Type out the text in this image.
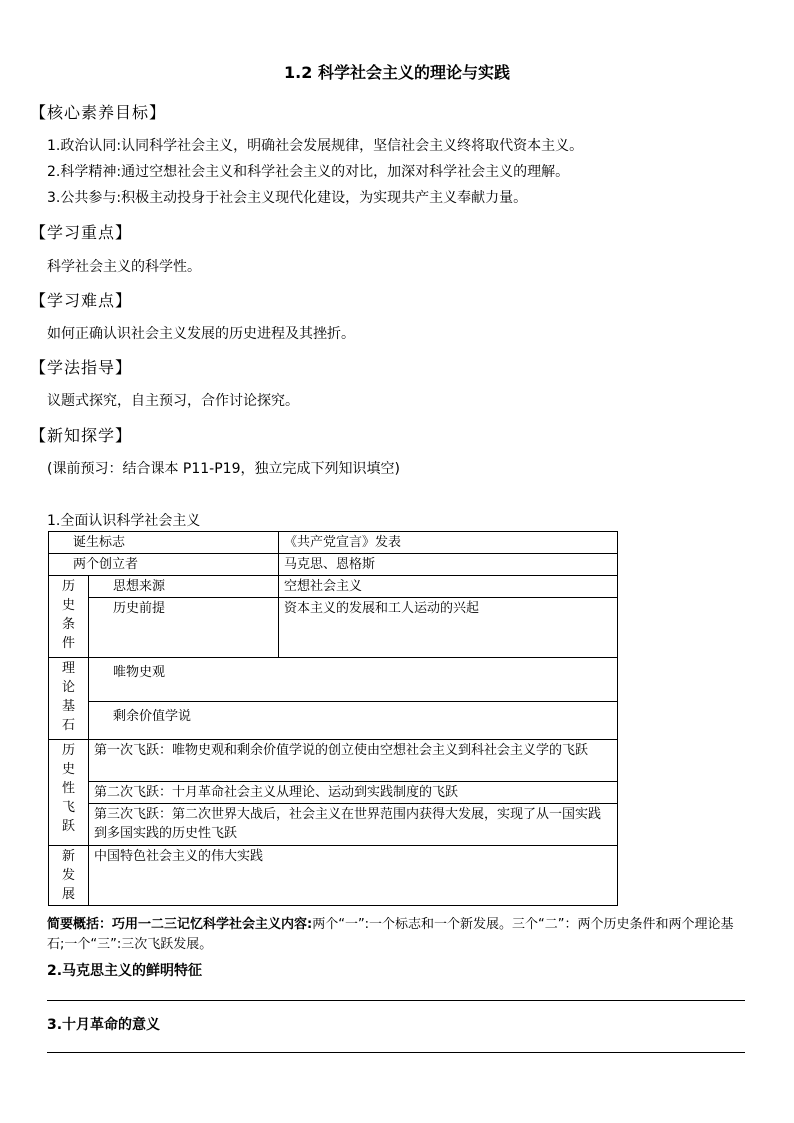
1.2 科学社会主义的理论与实践
【核心素养目标】
1.政治认同:认同科学社会主义，明确社会发展规律，坚信社会主义终将取代资本主义。
2.科学精神:通过空想社会主义和科学社会主义的对比，加深对科学社会主义的理解。
3.公共参与:积极主动投身于社会主义现代化建设，为实现共产主义奉献力量。
【学习重点】
科学社会主义的科学性。
【学习难点】
如何正确认识社会主义发展的历史进程及其挫折。
【学法指导】
议题式探究，自主预习，合作讨论探究。
【新知探学】
(课前预习：结合课本 P11-P19，独立完成下列知识填空)
1.全面认识科学社会主义
诞生标志		《共产党宣言》发表
两个创立者		马克思、恩格斯

历
史
条
件	思想来源	空想社会主义
	历史前提	资本主义的发展和工人运动的兴起

理
论
基
石	唯物史观	
	剩余价值学说	

历
史
性
飞
跃	第一次飞跃：唯物史观和剩余价值学说的创立使由空想社会主义到科社会主义学的飞跃	
	第二次飞跃：十月革命社会主义从理论、运动到实践制度的飞跃	
	第三次飞跃：第二次世界大战后，社会主义在世界范围内获得大发展，实现了从一国实践到多国实践的历史性飞跃	

新
发
展	中国特色社会主义的伟大实践	
简要概括：巧用一二三记忆科学社会主义内容:两个“一”:一个标志和一个新发展。三个“二”：两个历史条件和两个理论基石;一个“三”:三次飞跃发展。
2.马克思主义的鲜明特征
3.十月革命的意义
